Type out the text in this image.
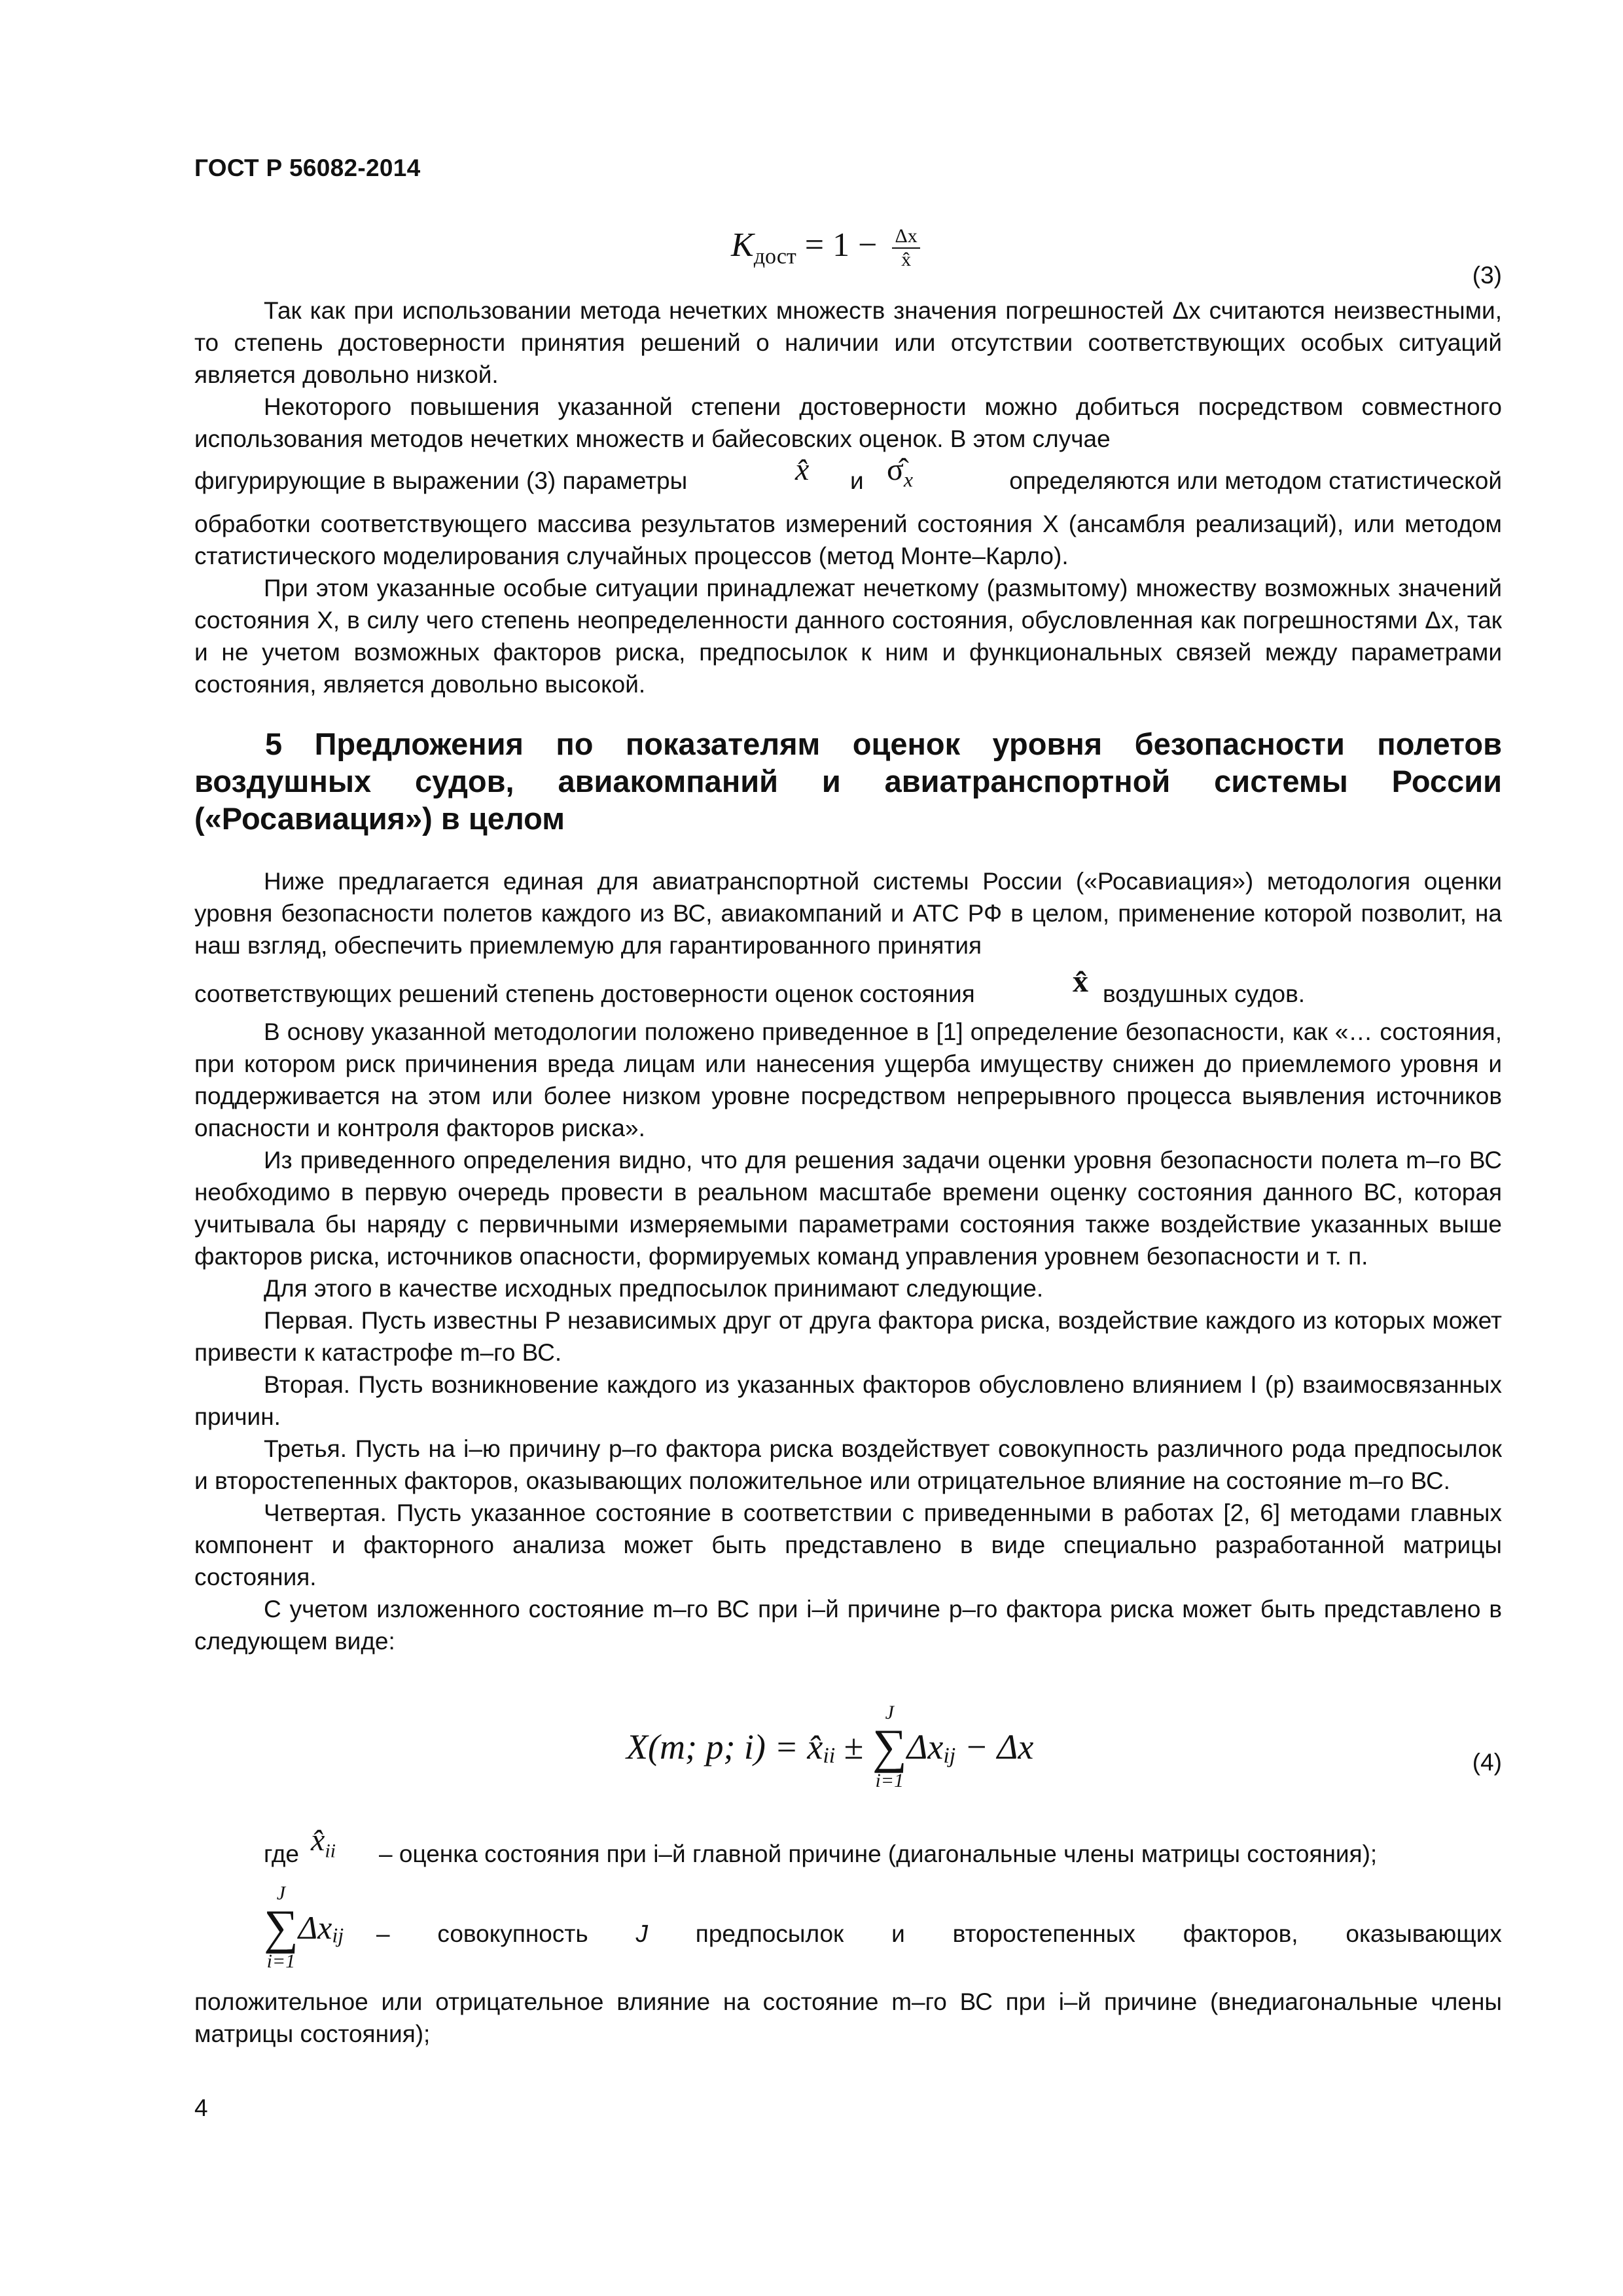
ГОСТ Р 56082-2014
$K_{дост} = 1 - \frac{\Delta x}{x̂}$
(3)

Так как при использовании метода нечетких множеств значения погрешностей Δx считаются неизвестными, то степень достоверности принятия решений о наличии или отсутствии соответствующих особых ситуаций является довольно низкой.

Некоторого повышения указанной степени достоверности можно добиться посредством совместного использования методов нечетких множеств и байесовских оценок. В этом случае

фигурирующие в выражении (3) параметры	x̂ и $\sigmâ_x$	определяются или методом статистической

обработки соответствующего массива результатов измерений состояния X (ансамбля реализаций), или методом статистического моделирования случайных процессов (метод Монте–Карло).

При этом указанные особые ситуации принадлежат нечеткому (размытому) множеству возможных значений состояния X, в силу чего степень неопределенности данного состояния, обусловленная как погрешностями Δx, так и не учетом возможных факторов риска, предпосылок к ним и функциональных связей между параметрами состояния, является довольно высокой.

5 Предложения по показателям оценок уровня безопасности полетов воздушных судов, авиакомпаний и авиатранспортной системы России («Росавиация») в целом

Ниже предлагается единая для авиатранспортной системы России («Росавиация») методология оценки уровня безопасности полетов каждого из ВС, авиакомпаний и АТС РФ в целом, применение которой позволит, на наш взгляд, обеспечить приемлемую для гарантированного принятия

соответствующих решений степень достоверности оценок состояния	x̂ воздушных судов.

В основу указанной методологии положено приведенное в [1] определение безопасности, как «… состояния, при котором риск причинения вреда лицам или нанесения ущерба имуществу снижен до приемлемого уровня и поддерживается на этом или более низком уровне посредством непрерывного процесса выявления источников опасности и контроля факторов риска».

Из приведенного определения видно, что для решения задачи оценки уровня безопасности полета m–го ВС необходимо в первую очередь провести в реальном масштабе времени оценку состояния данного ВС, которая учитывала бы наряду с первичными измеряемыми параметрами состояния также воздействие указанных выше факторов риска, источников опасности, формируемых команд управления уровнем безопасности и т. п.

Для этого в качестве исходных предпосылок принимают следующие.

Первая. Пусть известны P независимых друг от друга фактора риска, воздействие каждого из которых может привести к катастрофе m–го ВС.

Вторая. Пусть возникновение каждого из указанных факторов обусловлено влиянием I (p) взаимосвязанных причин.

Третья. Пусть на i–ю причину p–го фактора риска воздействует совокупность различного рода предпосылок и второстепенных факторов, оказывающих положительное или отрицательное влияние на состояние m–го ВС.

Четвертая. Пусть указанное состояние в соответствии с приведенными в работах [2, 6] методами главных компонент и факторного анализа может быть представлено в виде специально разработанной матрицы состояния.

С учетом изложенного состояние m–го ВС при i–й причине p–го фактора риска может быть представлено в следующем виде:

X(m; p; $i) = x̂_{ii}$ ±
J
∑
i=1
$\Delta x_{ij} - \Delta x$	(4)
где $x̂_{ii}$ – оценка состояния при i–й главной причине (диагональные члены матрицы состояния);
J
∑
i=1
$\Delta x_{ij}$ – совокупность J предпосылок и второстепенных факторов, оказывающих

положительное или отрицательное влияние на состояние m–го ВС при i–й причине (внедиагональные члены матрицы состояния);

4
